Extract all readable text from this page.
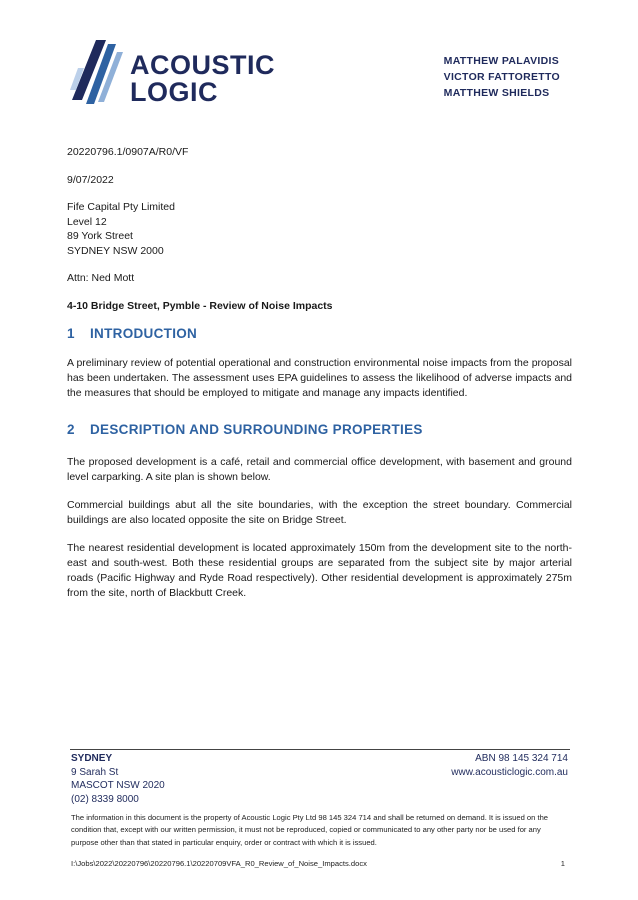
ACOUSTIC
LOGIC
MATTHEW PALAVIDIS
VICTOR FATTORETTO
MATTHEW SHIELDS
20220796.1/0907A/R0/VF
9/07/2022
Fife Capital Pty Limited
Level 12
89 York Street
SYDNEY NSW 2000
Attn: Ned Mott
4-10 Bridge Street, Pymble - Review of Noise Impacts
1 INTRODUCTION

A preliminary review of potential operational and construction environmental noise impacts from the proposal has been undertaken. The assessment uses EPA guidelines to assess the likelihood of adverse impacts and the measures that should be employed to mitigate and manage any impacts identified.

2 DESCRIPTION AND SURROUNDING PROPERTIES

The proposed development is a café, retail and commercial office development, with basement and ground level carparking. A site plan is shown below.

Commercial buildings abut all the site boundaries, with the exception the street boundary. Commercial buildings are also located opposite the site on Bridge Street.

The nearest residential development is located approximately 150m from the development site to the north-east and south-west. Both these residential groups are separated from the subject site by major arterial roads (Pacific Highway and Ryde Road respectively). Other residential development is approximately 275m from the site, north of Blackbutt Creek.

SYDNEY
9 Sarah St
MASCOT NSW 2020
(02) 8339 8000
ABN 98 145 324 714
www.acousticlogic.com.au
The information in this document is the property of Acoustic Logic Pty Ltd 98 145 324 714 and shall be returned on demand. It is issued on the condition that, except with our written permission, it must not be reproduced, copied or communicated to any other party nor be used for any purpose other than that stated in particular enquiry, order or contract with which it is issued.
I:\Jobs\2022\20220796\20220796.1\20220709VFA_R0_Review_of_Noise_Impacts.docx	1
